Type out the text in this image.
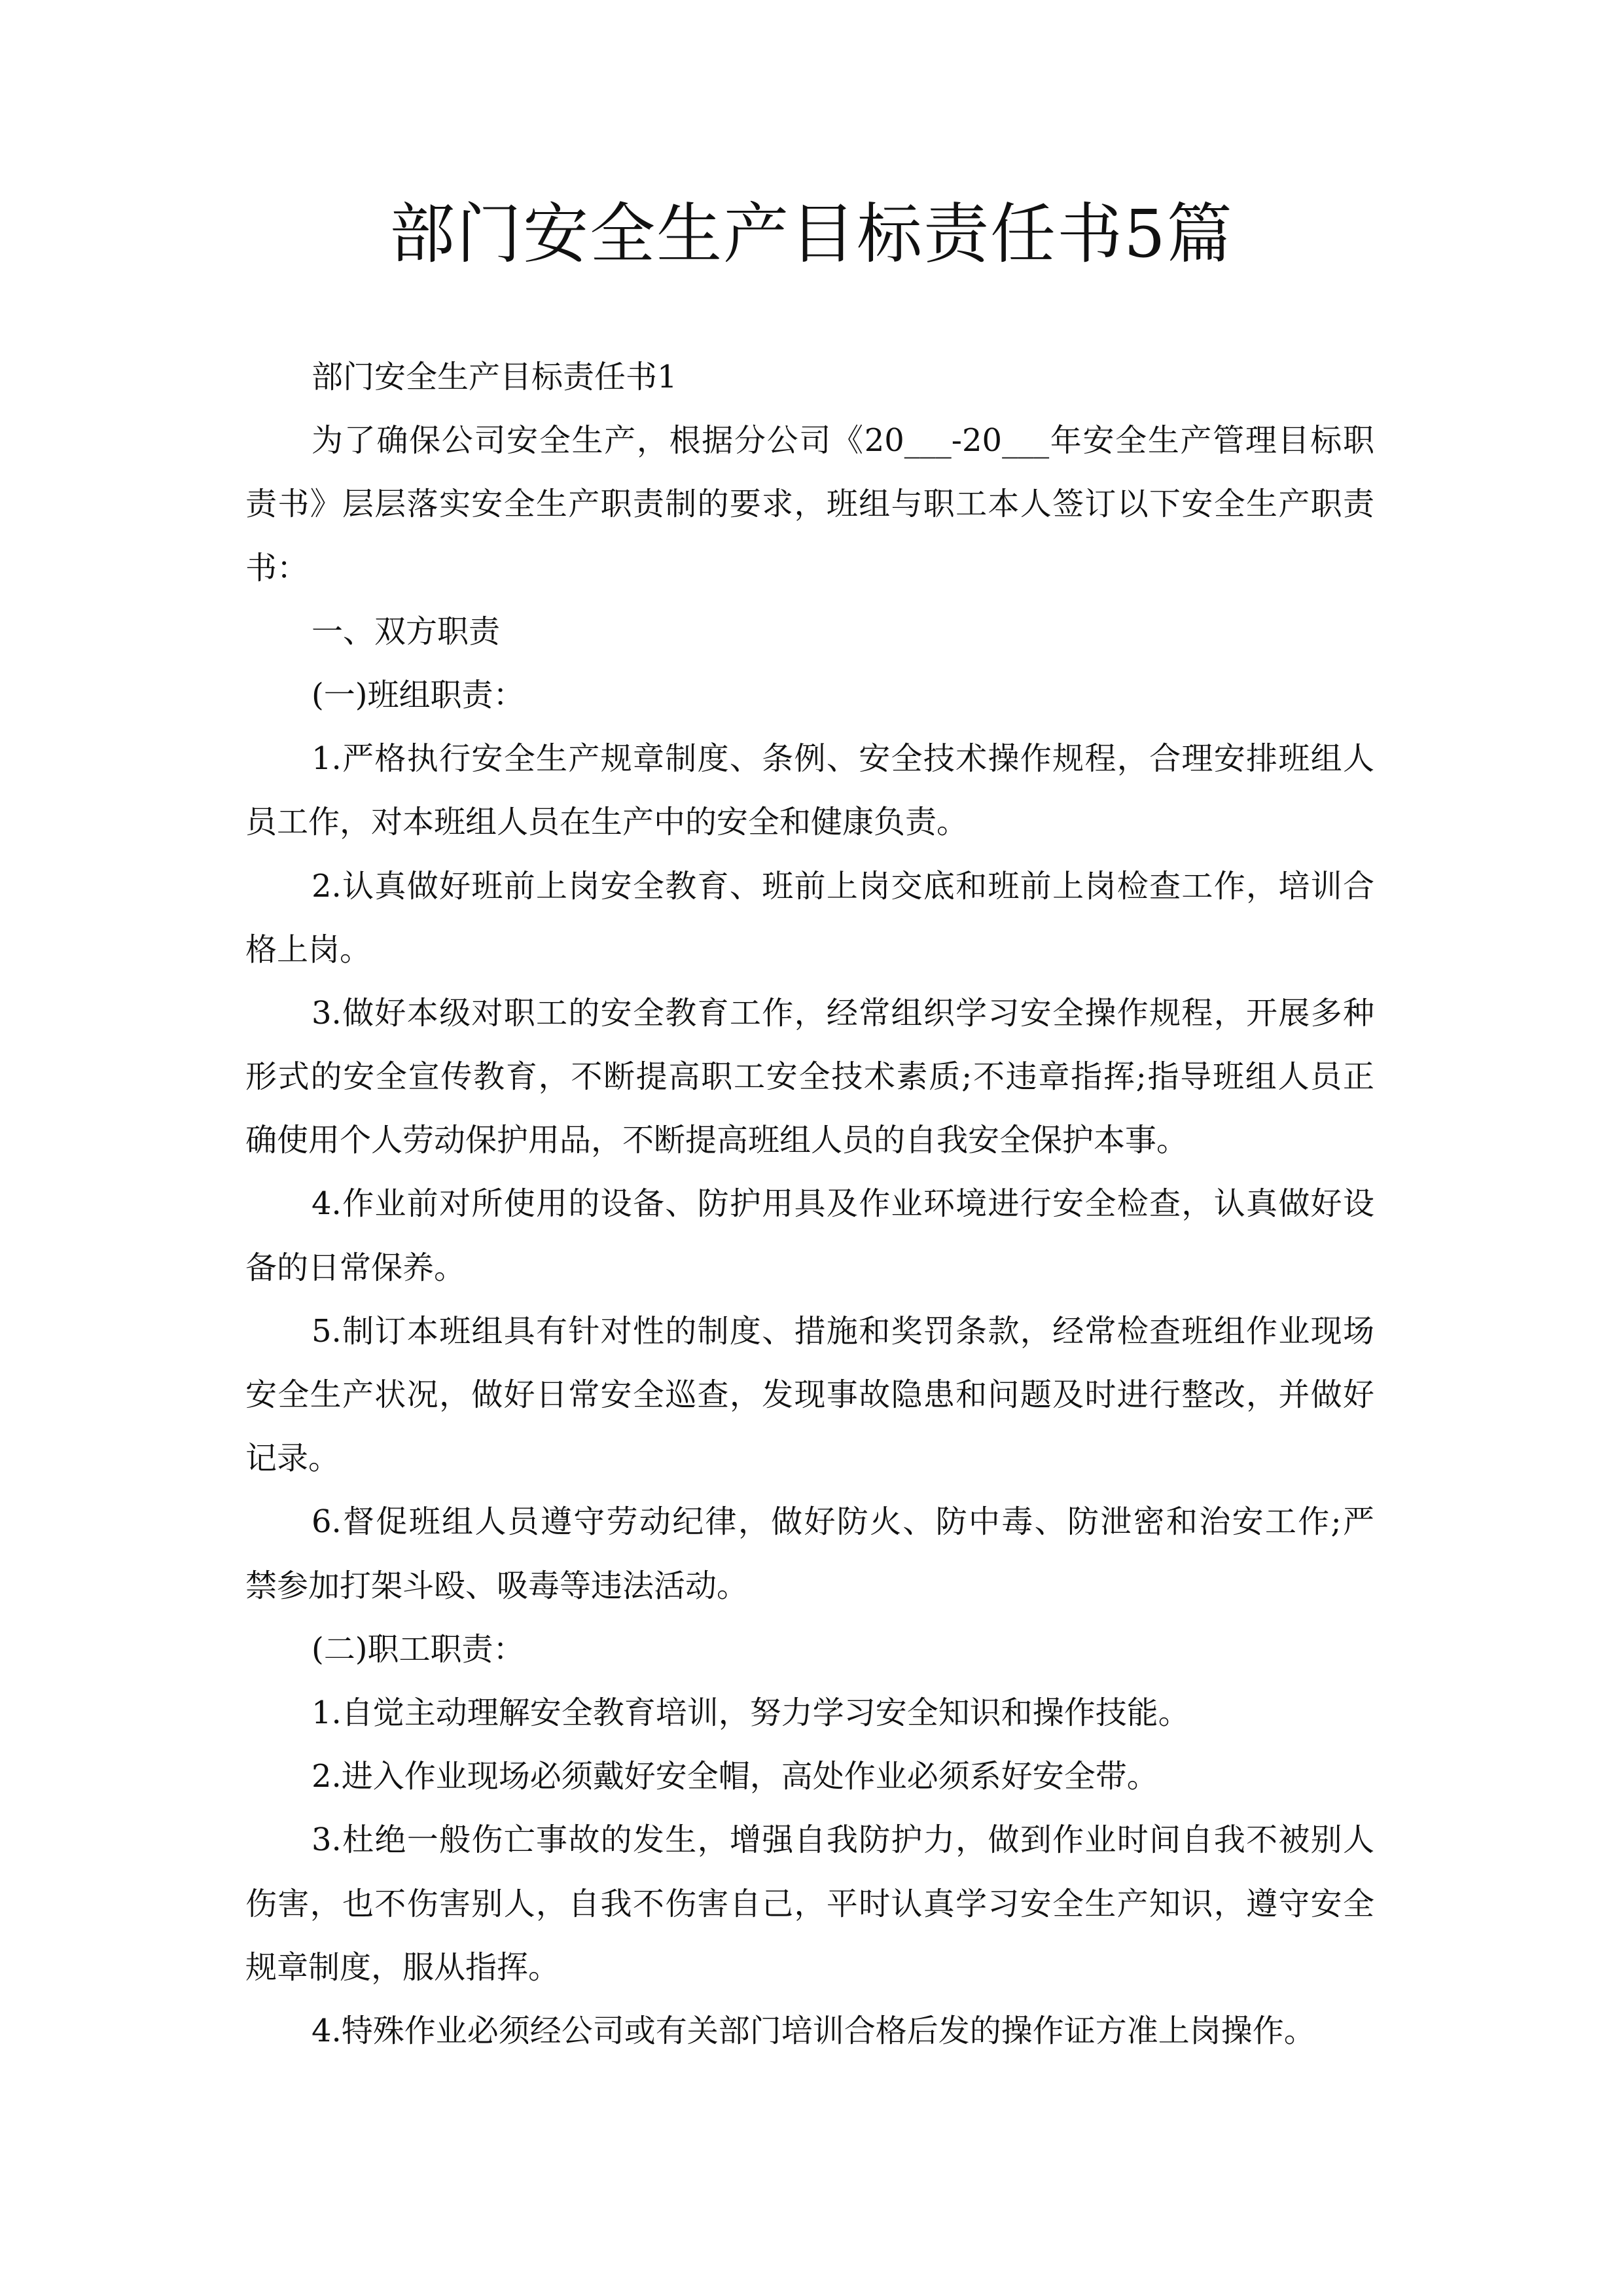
部门安全生产目标责任书5篇
部门安全生产目标责任书1
为了确保公司安全生产，根据分公司《20___-20___年安全生产管理目标职
责书》层层落实安全生产职责制的要求，班组与职工本人签订以下安全生产职责
书：
一、双方职责
(一)班组职责：
1.严格执行安全生产规章制度、条例、安全技术操作规程，合理安排班组人
员工作，对本班组人员在生产中的安全和健康负责。
2.认真做好班前上岗安全教育、班前上岗交底和班前上岗检查工作，培训合
格上岗。
3.做好本级对职工的安全教育工作，经常组织学习安全操作规程，开展多种
形式的安全宣传教育，不断提高职工安全技术素质;不违章指挥;指导班组人员正
确使用个人劳动保护用品，不断提高班组人员的自我安全保护本事。
4.作业前对所使用的设备、防护用具及作业环境进行安全检查，认真做好设
备的日常保养。
5.制订本班组具有针对性的制度、措施和奖罚条款，经常检查班组作业现场
安全生产状况，做好日常安全巡查，发现事故隐患和问题及时进行整改，并做好
记录。
6.督促班组人员遵守劳动纪律，做好防火、防中毒、防泄密和治安工作;严
禁参加打架斗殴、吸毒等违法活动。
(二)职工职责：
1.自觉主动理解安全教育培训，努力学习安全知识和操作技能。
2.进入作业现场必须戴好安全帽，高处作业必须系好安全带。
3.杜绝一般伤亡事故的发生，增强自我防护力，做到作业时间自我不被别人
伤害，也不伤害别人，自我不伤害自己，平时认真学习安全生产知识，遵守安全
规章制度，服从指挥。
4.特殊作业必须经公司或有关部门培训合格后发的操作证方准上岗操作。
